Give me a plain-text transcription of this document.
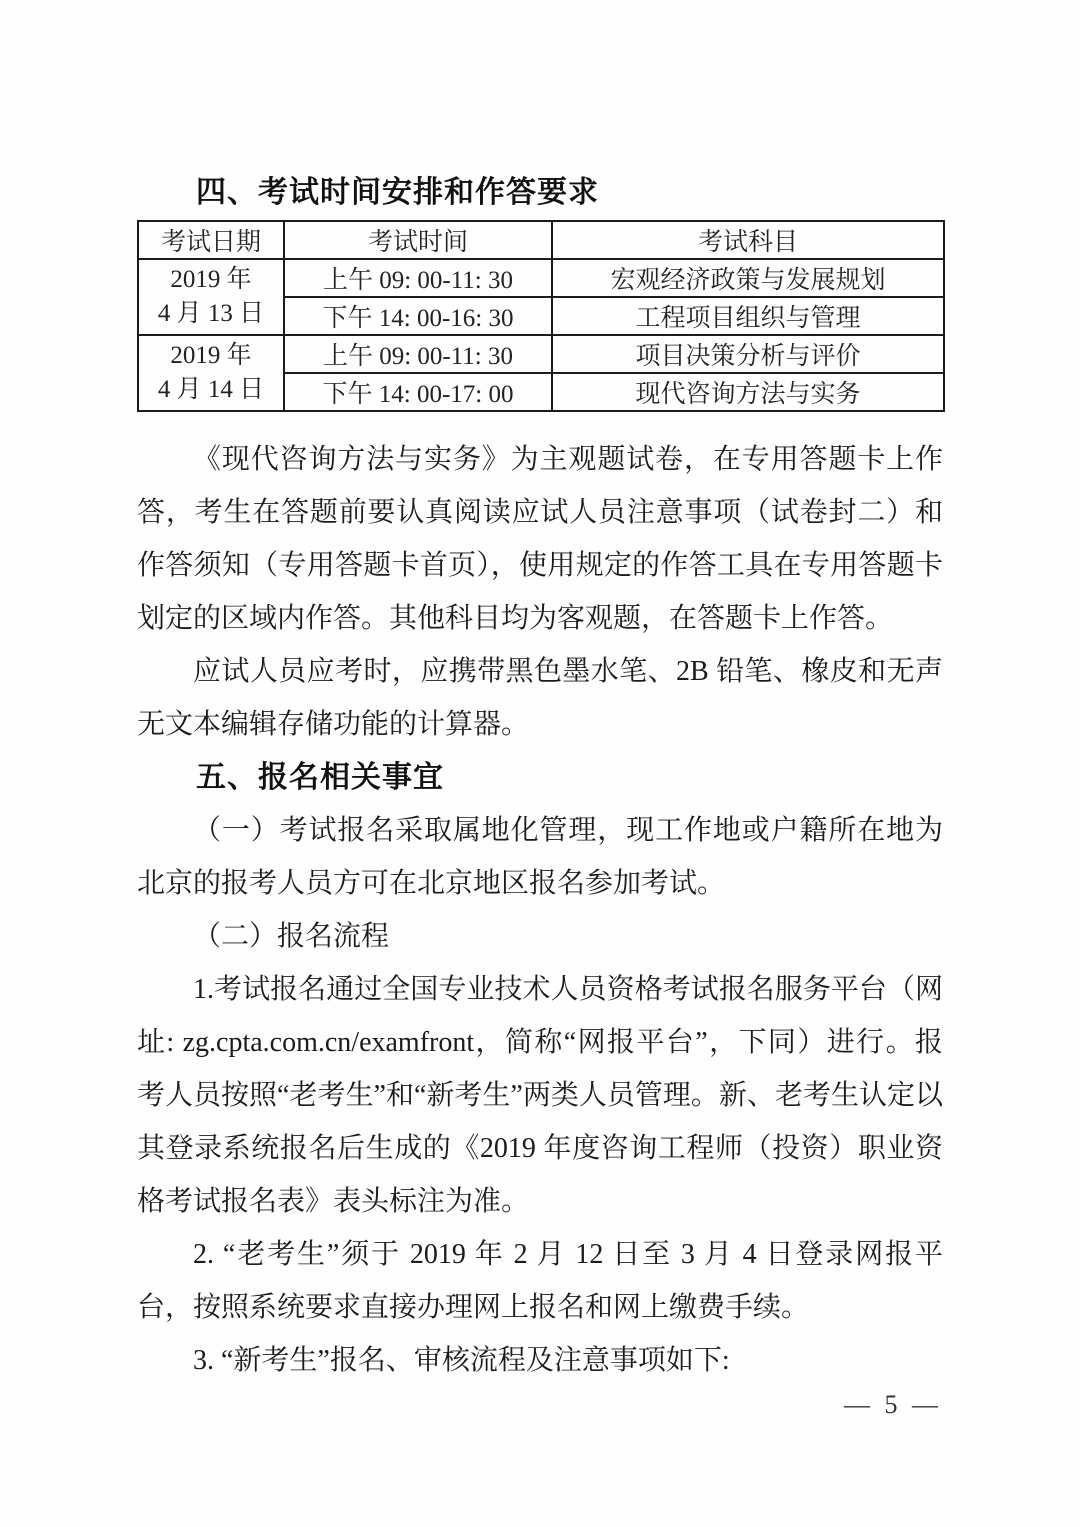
四、考试时间安排和作答要求
考试日期	考试时间	考试科目

2019 年
4 月 13 日	上午 09: 00-11: 30	宏观经济政策与发展规划
	下午 14: 00-16: 30	工程项目组织与管理

2019 年
4 月 14 日	上午 09: 00-11: 30	项目决策分析与评价
	下午 14: 00-17: 00	现代咨询方法与实务

《现代咨询方法与实务》为主观题试卷，在专用答题卡上作答，考生在答题前要认真阅读应试人员注意事项（试卷封二）和作答须知（专用答题卡首页），使用规定的作答工具在专用答题卡划定的区域内作答。其他科目均为客观题，在答题卡上作答。

应试人员应考时，应携带黑色墨水笔、2B 铅笔、橡皮和无声无文本编辑存储功能的计算器。

五、报名相关事宜

（一）考试报名采取属地化管理，现工作地或户籍所在地为北京的报考人员方可在北京地区报名参加考试。

（二）报名流程

1.考试报名通过全国专业技术人员资格考试报名服务平台（网址: zg.cpta.com.cn/examfront，简称“网报平台”，下同）进行。报考人员按照“老考生”和“新考生”两类人员管理。新、老考生认定以其登录系统报名后生成的《2019 年度咨询工程师（投资）职业资格考试报名表》表头标注为准。

2. “老考生”须于 2019 年 2 月 12 日至 3 月 4 日登录网报平台，按照系统要求直接办理网上报名和网上缴费手续。

3. “新考生”报名、审核流程及注意事项如下:

— 5 —
